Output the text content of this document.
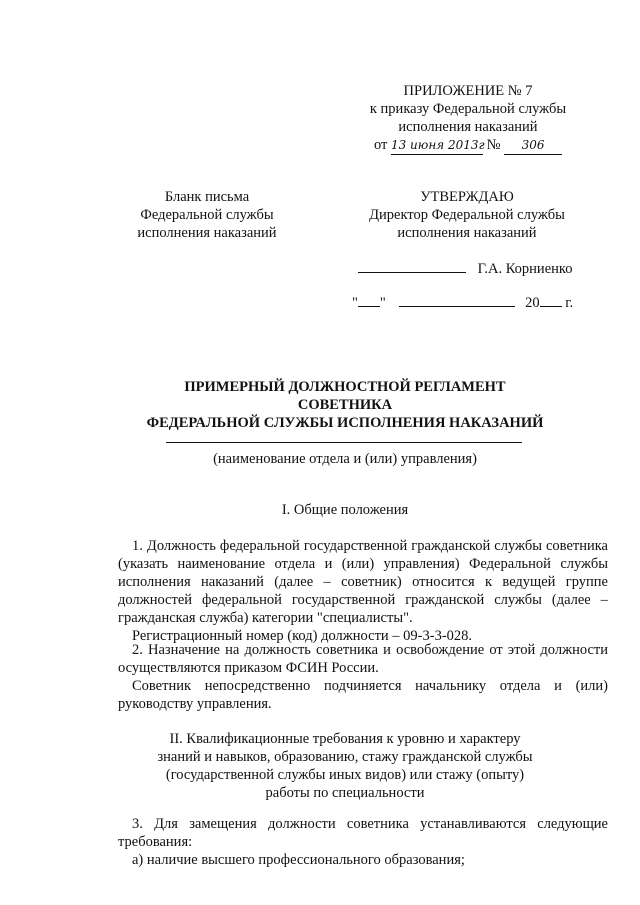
ПРИЛОЖЕНИЕ № 7
к приказу Федеральной службы
исполнения наказаний
от 13 июня 2013г № 306
Бланк письма
Федеральной службы
исполнения наказаний
УТВЕРЖДАЮ
Директор Федеральной службы
исполнения наказаний
Г.А. Корниенко
" "	20 г.
ПРИМЕРНЫЙ ДОЛЖНОСТНОЙ РЕГЛАМЕНТ
СОВЕТНИКА
ФЕДЕРАЛЬНОЙ СЛУЖБЫ ИСПОЛНЕНИЯ НАКАЗАНИЙ
(наименование отдела и (или) управления)
I. Общие положения
1. Должность федеральной государственной гражданской службы советника (указать наименование отдела и (или) управления) Федеральной службы исполнения наказаний (далее – советник) относится к ведущей группе должностей федеральной государственной гражданской службы (далее – гражданская служба) категории "специалисты".
Регистрационный номер (код) должности – 09-3-3-028.
2. Назначение на должность советника и освобождение от этой должности осуществляются приказом ФСИН России.
Советник непосредственно подчиняется начальнику отдела и (или) руководству управления.
II. Квалификационные требования к уровню и характеру
знаний и навыков, образованию, стажу гражданской службы
(государственной службы иных видов) или стажу (опыту)
работы по специальности
3. Для замещения должности советника устанавливаются следующие требования:
а) наличие высшего профессионального образования;
